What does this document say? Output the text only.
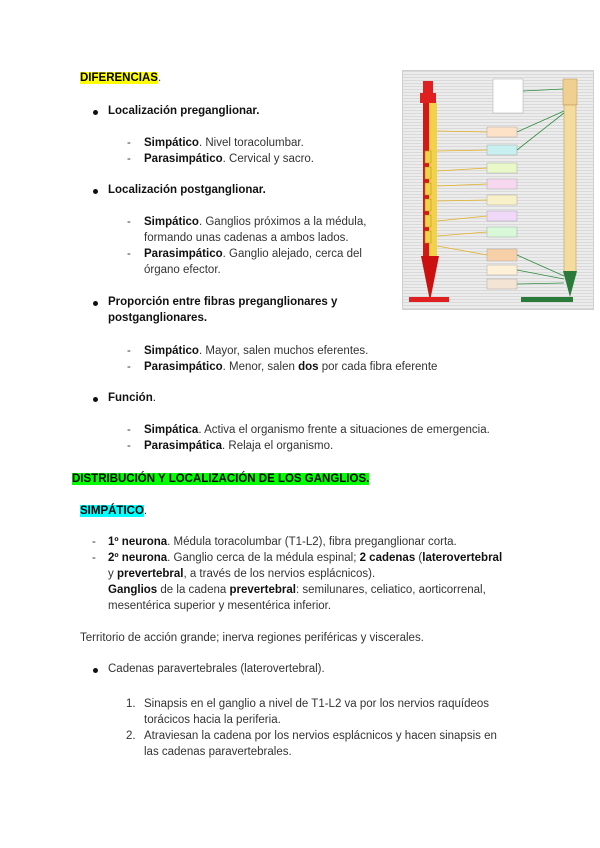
DIFERENCIAS.
Localización preganglionar.
- Simpático. Nivel toracolumbar.
- Parasimpático. Cervical y sacro.
Localización postganglionar.
- Simpático. Ganglios próximos a la médula,
formando unas cadenas a ambos lados.
- Parasimpático. Ganglio alejado, cerca del
órgano efector.
Proporción entre fibras preganglionares y
postganglionares.
- Simpático. Mayor, salen muchos eferentes.
- Parasimpático. Menor, salen dos por cada fibra eferente
Función.
- Simpática. Activa el organismo frente a situaciones de emergencia.
- Parasimpática. Relaja el organismo.
DISTRIBUCIÓN Y LOCALIZACIÓN DE LOS GANGLIOS.
SIMPÁTICO.
- 1º neurona. Médula toracolumbar (T1-L2), fibra preganglionar corta.
- 2º neurona. Ganglio cerca de la médula espinal; 2 cadenas (laterovertebral
y prevertebral, a través de los nervios esplácnicos).
Ganglios de la cadena prevertebral: semilunares, celiatico, aorticorrenal,
mesentérica superior y mesentérica inferior.
Territorio de acción grande; inerva regiones periféricas y viscerales.
Cadenas paravertebrales (laterovertebral).
1. Sinapsis en el ganglio a nivel de T1-L2 va por los nervios raquídeos
torácicos hacia la periferia.
2. Atraviesan la cadena por los nervios esplácnicos y hacen sinapsis en
las cadenas paravertebrales.
